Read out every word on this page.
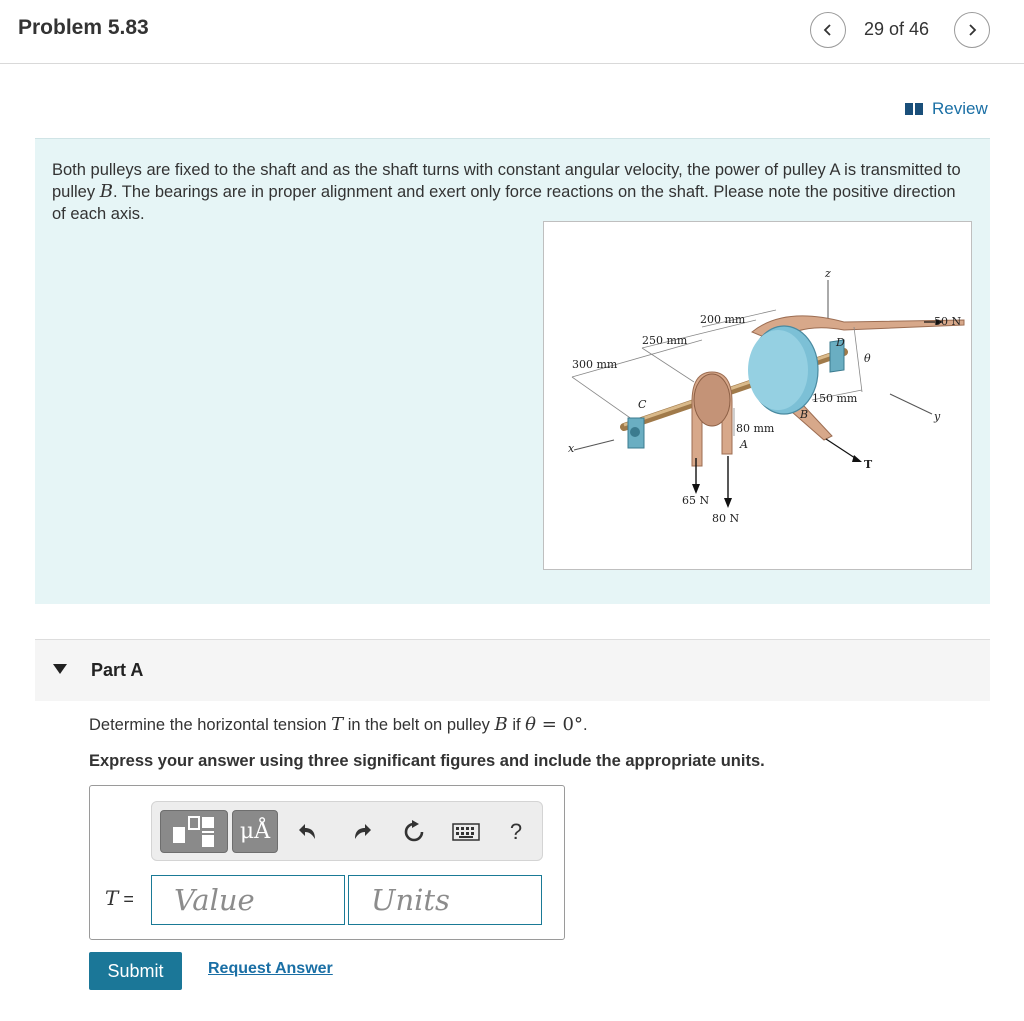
Problem 5.83	29 of 46
Review
Both pulleys are fixed to the shaft and as the shaft turns with constant angular velocity, the power of pulley A is transmitted to pulley B. The bearings are in proper alignment and exert only force reactions on the shaft. Please note the positive direction of each axis.
z
y
x
300 mm
250 mm
200 mm
150 mm
80 mm
C
D
A
B
θ
50 N
T
65 N
80 N
Part A
Determine the horizontal tension T in the belt on pulley B if θ = 0°.
Express your answer using three significant figures and include the appropriate units.
μÅ	?
T =
Value
Units
Submit	Request Answer
